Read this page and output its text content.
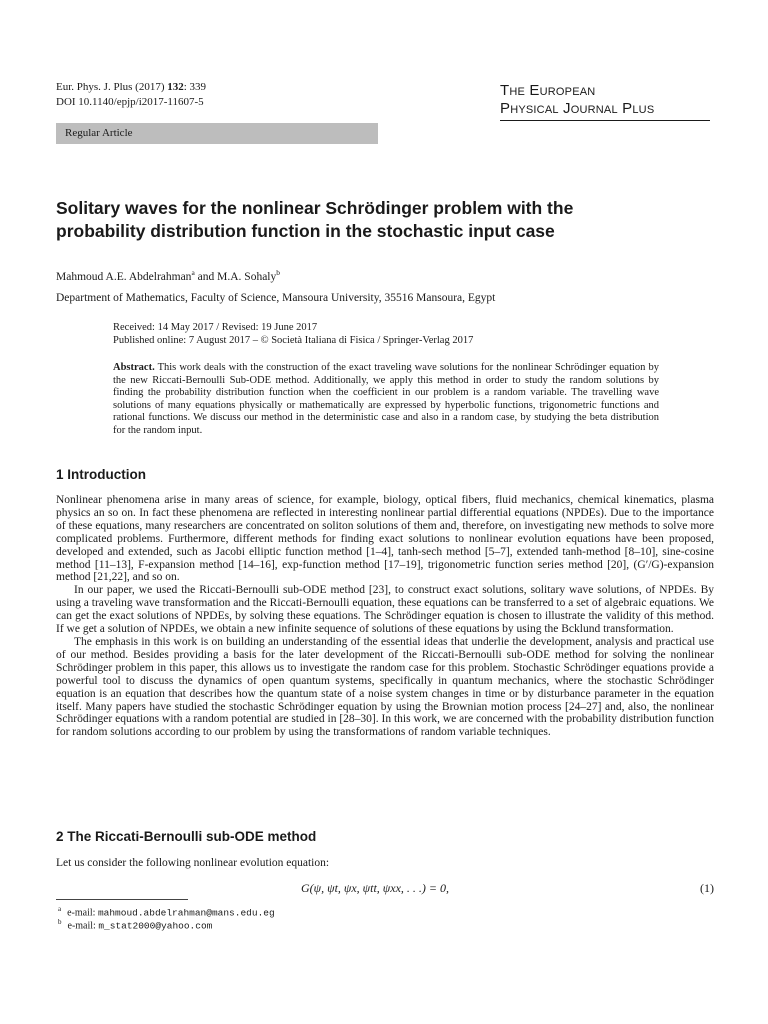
Eur. Phys. J. Plus (2017) 132: 339
DOI 10.1140/epjp/i2017-11607-5
The European
Physical Journal Plus
Regular Article
Solitary waves for the nonlinear Schrödinger problem with the
probability distribution function in the stochastic input case
Mahmoud A.E. Abdelrahman$^a$ and M.A. Sohaly$^b$
Department of Mathematics, Faculty of Science, Mansoura University, 35516 Mansoura, Egypt
Received: 14 May 2017 / Revised: 19 June 2017
Published online: 7 August 2017 – © Società Italiana di Fisica / Springer-Verlag 2017
Abstract. This work deals with the construction of the exact traveling wave solutions for the nonlinear Schrödinger equation by the new Riccati-Bernoulli Sub-ODE method. Additionally, we apply this method in order to study the random solutions by finding the probability distribution function when the coefficient in our problem is a random variable. The travelling wave solutions of many equations physically or mathematically are expressed by hyperbolic functions, trigonometric functions and rational functions. We discuss our method in the deterministic case and also in a random case, by studying the beta distribution for the random input.
1 Introduction

Nonlinear phenomena arise in many areas of science, for example, biology, optical fibers, fluid mechanics, chemical kinematics, plasma physics an so on. In fact these phenomena are reflected in interesting nonlinear partial differential equations (NPDEs). Due to the importance of these equations, many researchers are concentrated on soliton solutions of them and, therefore, on investigating new methods to solve more complicated problems. Furthermore, different methods for finding exact solutions to nonlinear evolution equations have been proposed, developed and extended, such as Jacobi elliptic function method [1–4], tanh-sech method [5–7], extended tanh-method [8–10], sine-cosine method [11–13], F-expansion method [14–16], exp-function method [17–19], trigonometric function series method [20], (G′/G)-expansion method [21,22], and so on.

In our paper, we used the Riccati-Bernoulli sub-ODE method [23], to construct exact solutions, solitary wave solutions, of NPDEs. By using a traveling wave transformation and the Riccati-Bernoulli equation, these equations can be transferred to a set of algebraic equations. We can get the exact solutions of NPDEs, by solving these equations. The Schrödinger equation is chosen to illustrate the validity of this method. If we get a solution of NPDEs, we obtain a new infinite sequence of solutions of these equations by using the Bcklund transformation.

The emphasis in this work is on building an understanding of the essential ideas that underlie the development, analysis and practical use of our method. Besides providing a basis for the later development of the Riccati-Bernoulli sub-ODE method for solving the nonlinear Schrödinger problem in this paper, this allows us to investigate the random case for this problem. Stochastic Schrödinger equations provide a powerful tool to discuss the dynamics of open quantum systems, specifically in quantum mechanics, where the stochastic Schrödinger equation is an equation that describes how the quantum state of a noise system changes in time or by disturbance parameter in the equation itself. Many papers have studied the stochastic Schrödinger equation by using the Brownian motion process [24–27] and, also, the nonlinear Schrödinger equations with a random potential are studied in [28–30]. In this work, we are concerned with the probability distribution function for random solutions according to our problem by using the transformations of random variable techniques.

2 The Riccati-Bernoulli sub-ODE method
Let us consider the following nonlinear evolution equation:
G(ψ, ψt, ψx, ψtt, ψxx, . . .) = 0,	(1)
$^a$ e-mail: mahmoud.abdelrahman@mans.edu.eg
$^b$ e-mail: m_stat2000@yahoo.com
